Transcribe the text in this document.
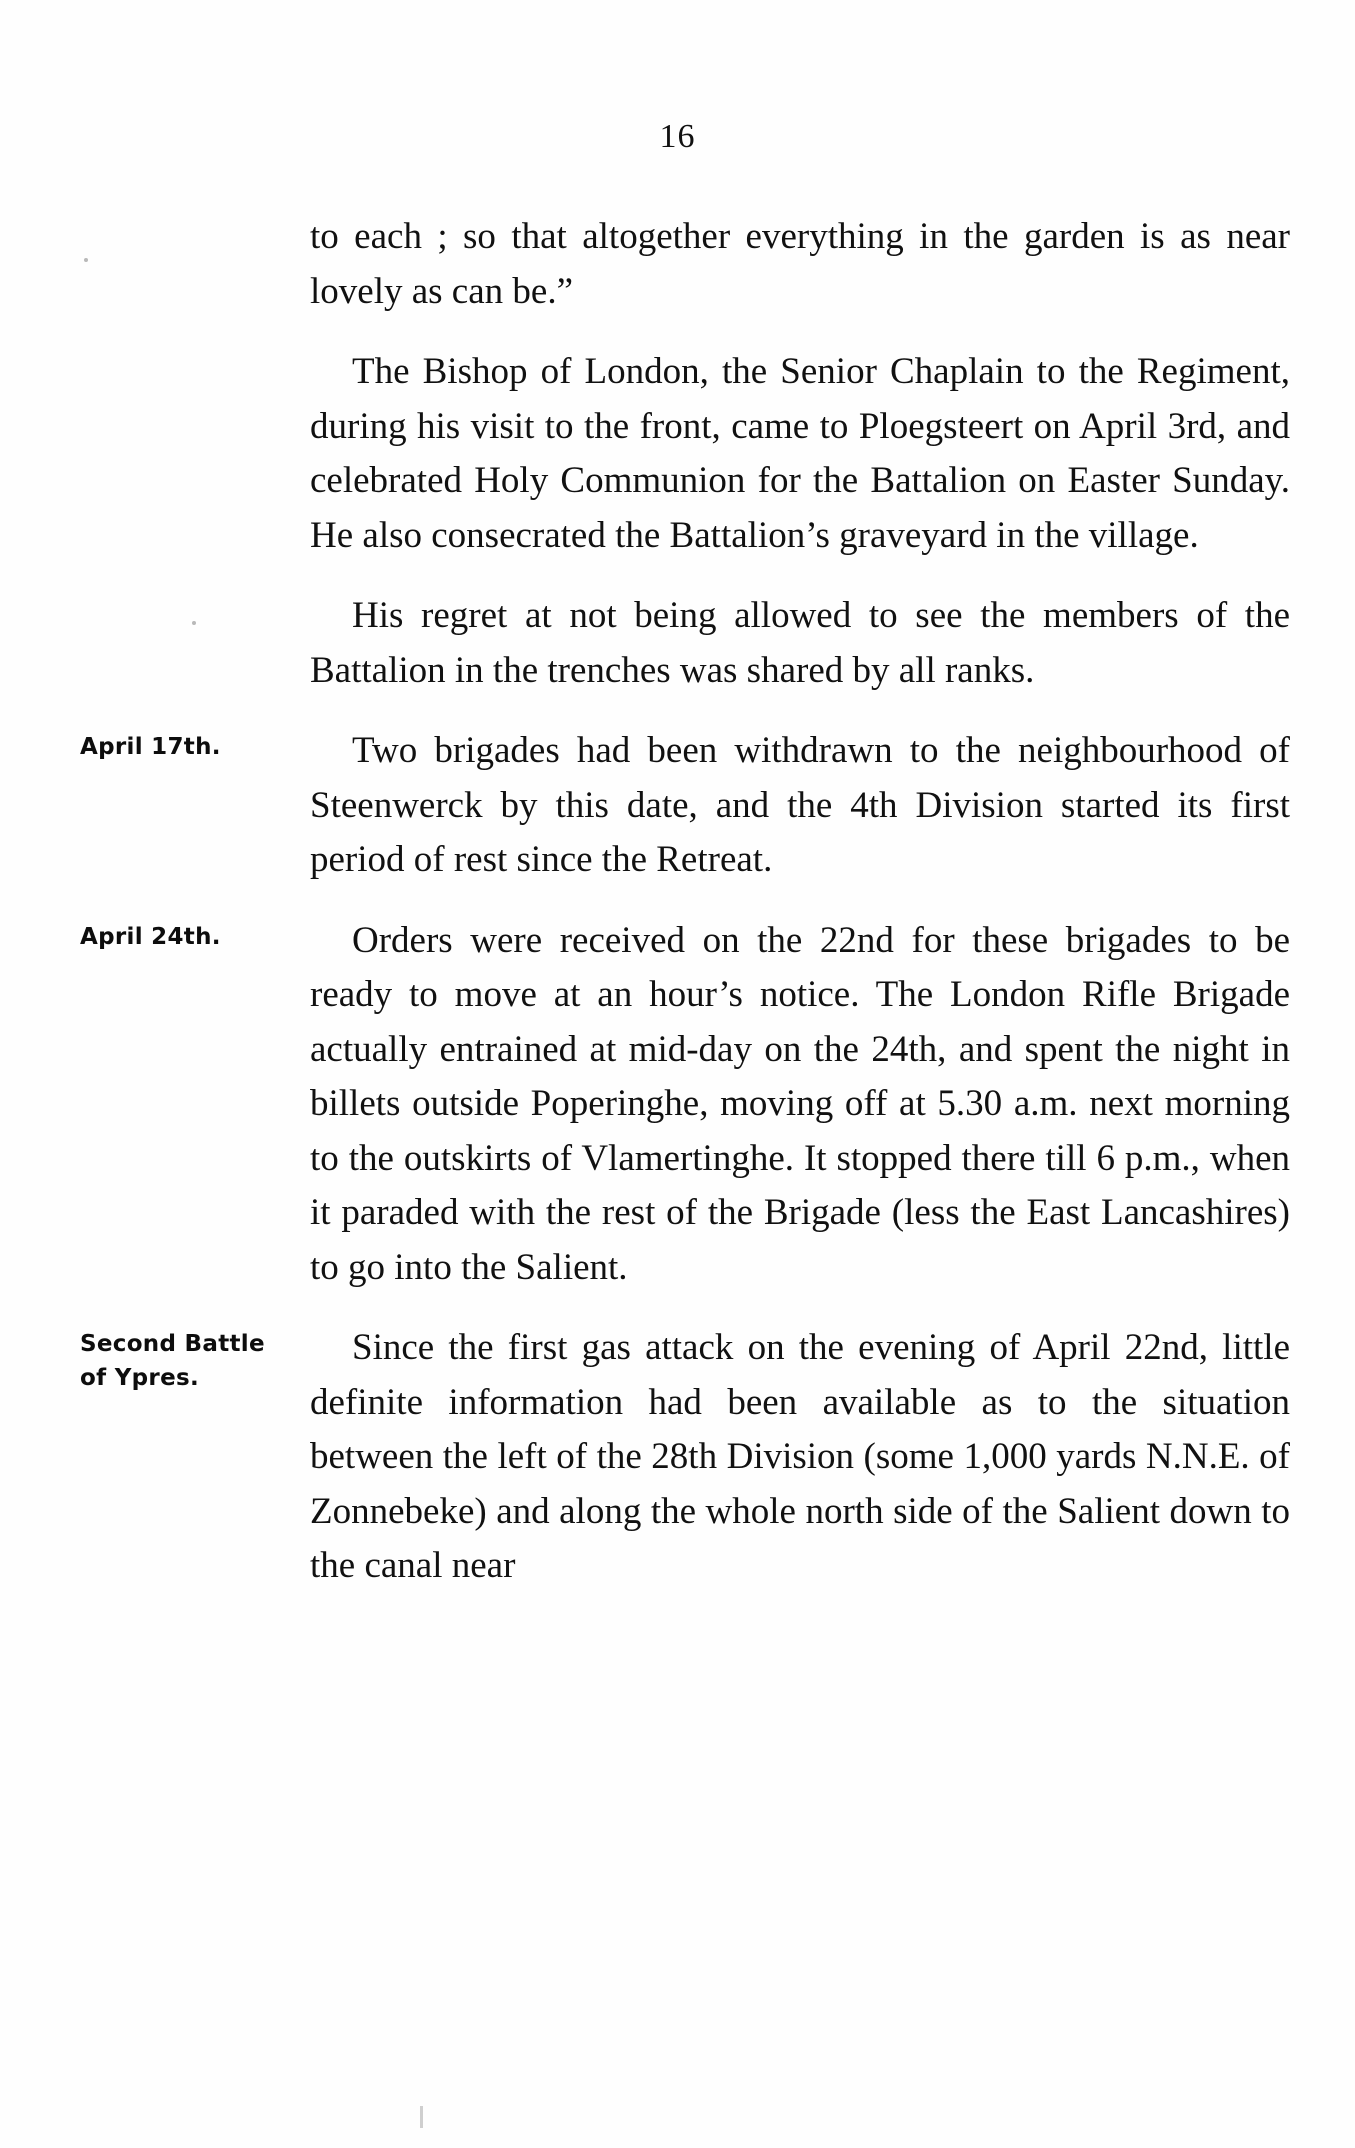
16
to each ; so that altogether everything in the garden is as near lovely as can be.”
The Bishop of London, the Senior Chaplain to the Regiment, during his visit to the front, came to Ploegsteert on April 3rd, and celebrated Holy Communion for the Battalion on Easter Sunday. He also consecrated the Battalion’s graveyard in the village.
His regret at not being allowed to see the members of the Battalion in the trenches was shared by all ranks.
April 17th.	Two brigades had been withdrawn to the neighbourhood of Steenwerck by this date, and the 4th Division started its first period of rest since the Retreat.
April 24th.	Orders were received on the 22nd for these brigades to be ready to move at an hour’s notice. The London Rifle Brigade actually entrained at mid-day on the 24th, and spent the night in billets outside Poperinghe, moving off at 5.30 a.m. next morning to the outskirts of Vlamertinghe. It stopped there till 6 p.m., when it paraded with the rest of the Brigade (less the East Lancashires) to go into the Salient.
Second Battle of Ypres.
Since the first gas attack on the evening of April 22nd, little definite information had been available as to the situation between the left of the 28th Division (some 1,000 yards N.N.E. of Zonnebeke) and along the whole north side of the Salient down to the canal near
